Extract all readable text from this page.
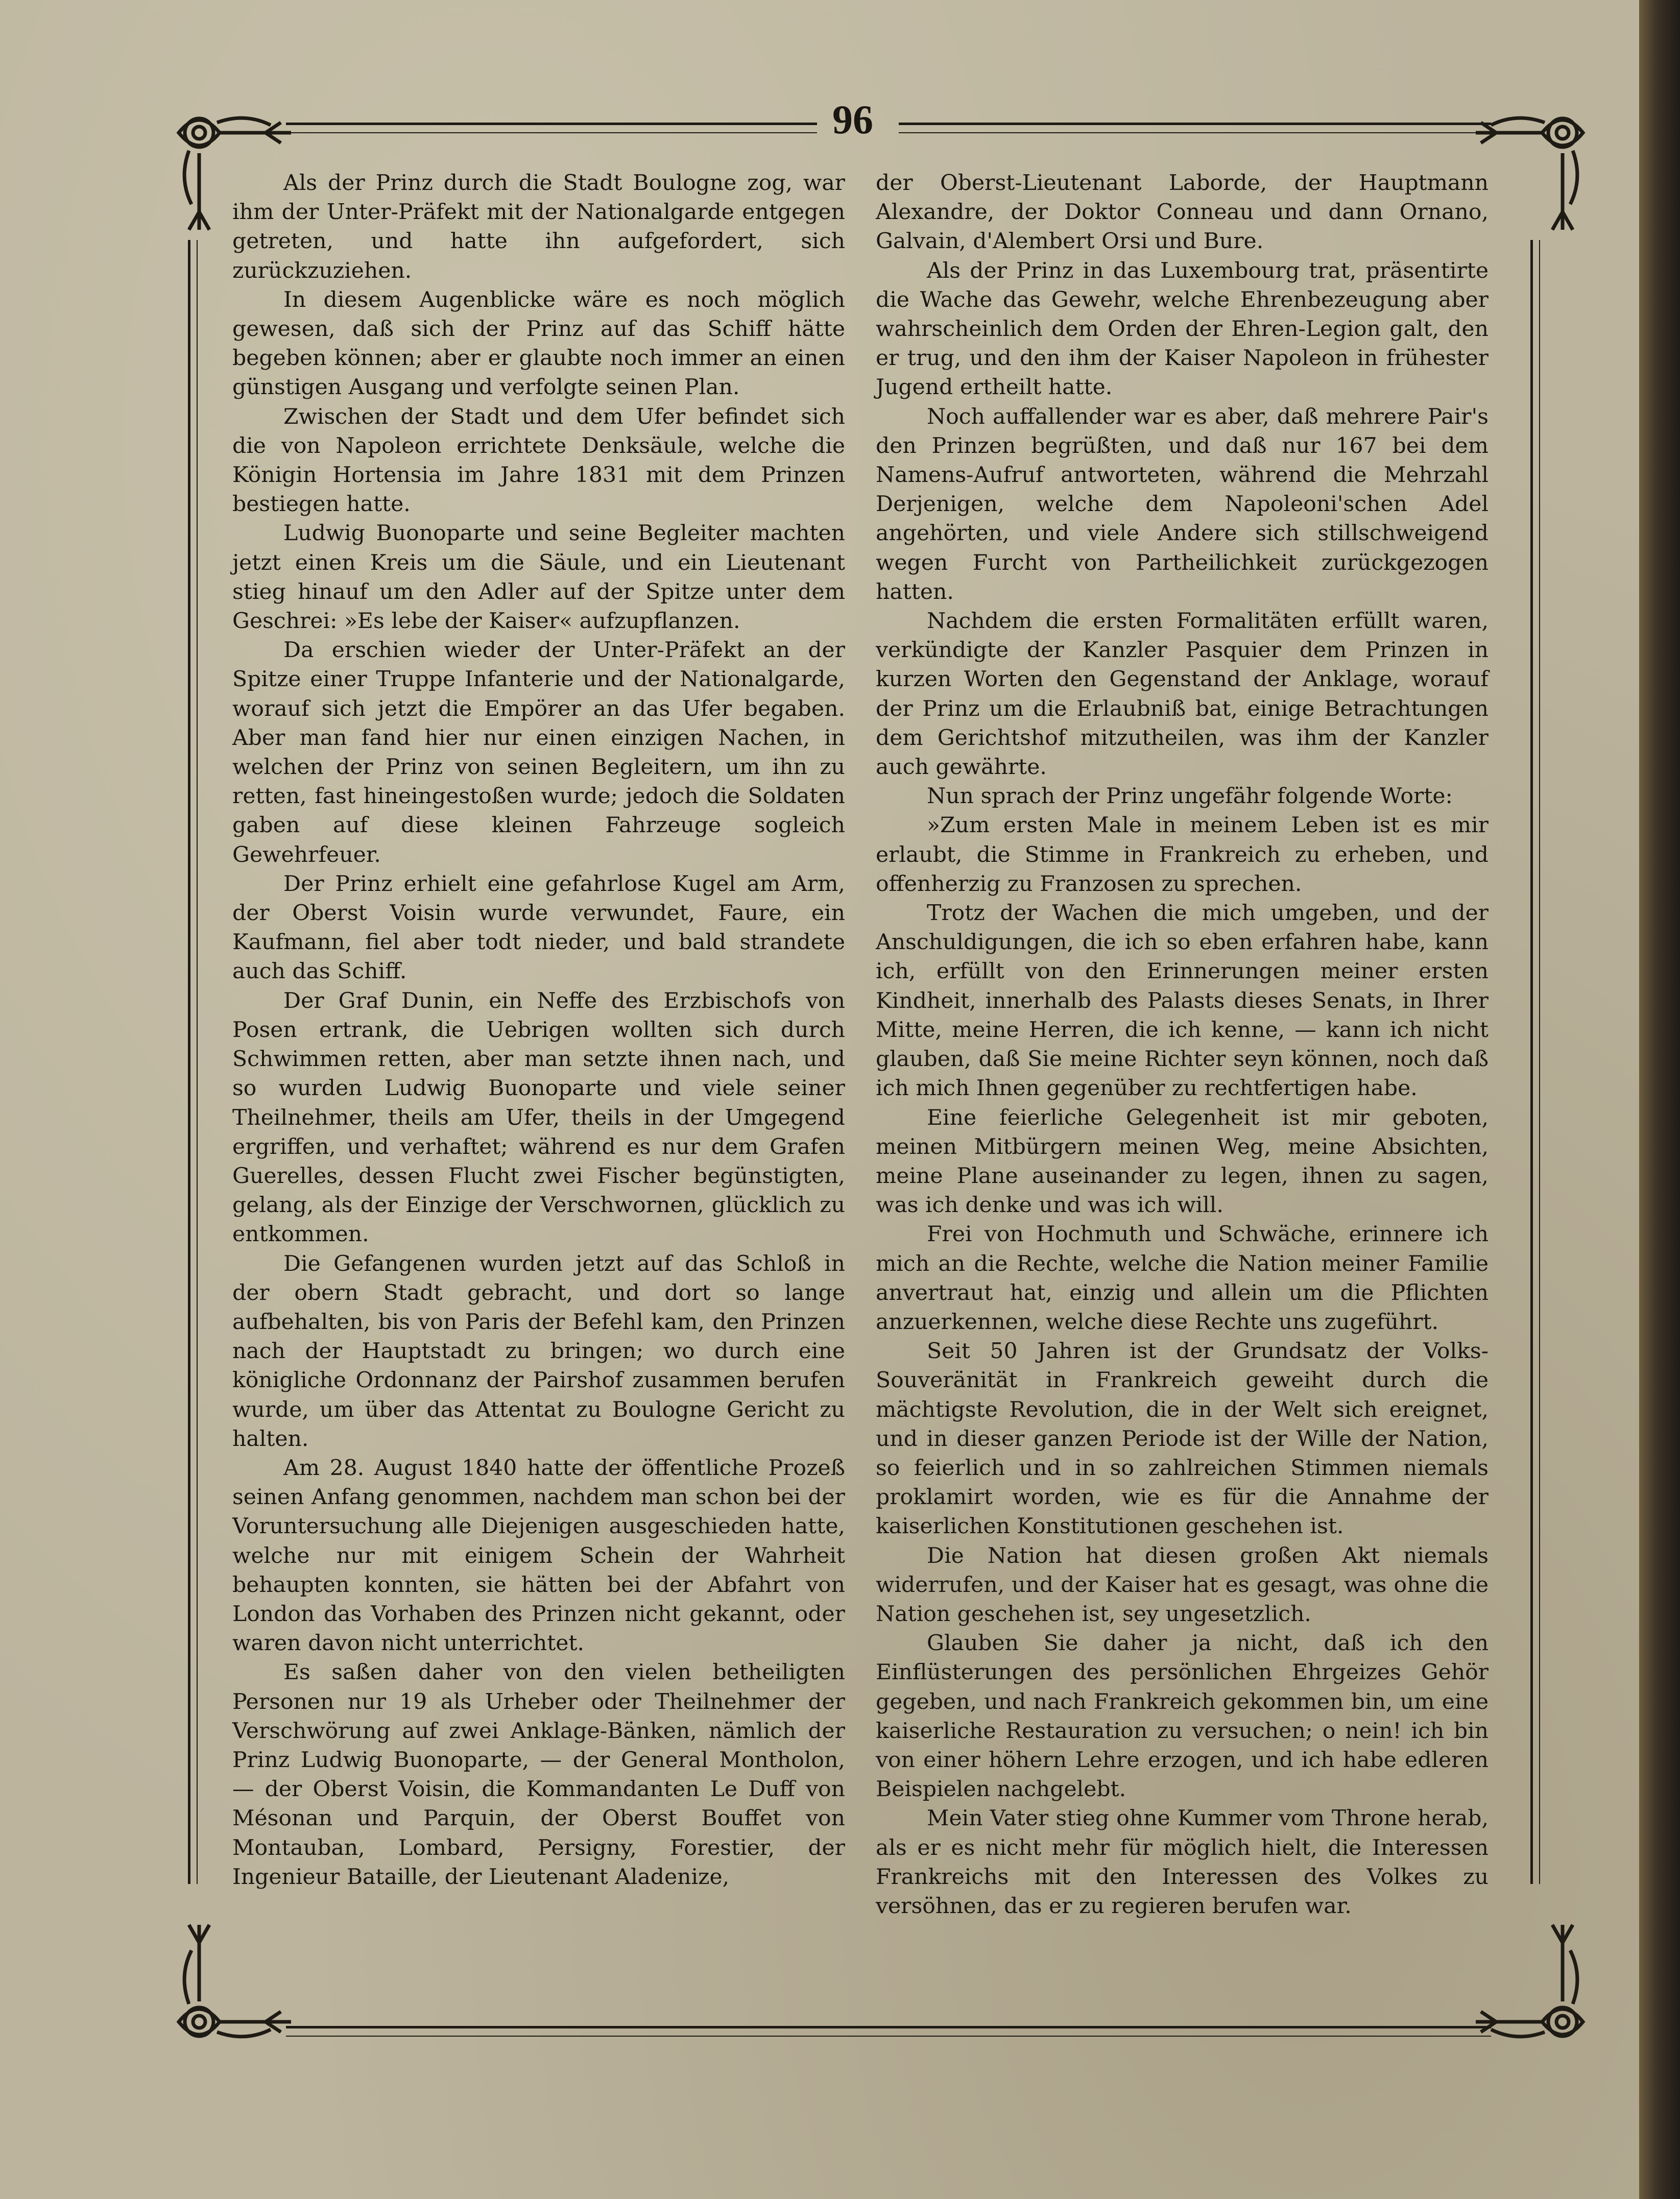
96

Als der Prinz durch die Stadt Boulogne zog, war ihm der Unter-Präfekt mit der Nationalgarde entgegen getreten, und hatte ihn aufgefordert, sich zurückzuziehen.

In diesem Augenblicke wäre es noch möglich gewesen, daß sich der Prinz auf das Schiff hätte begeben können; aber er glaubte noch immer an einen günstigen Ausgang und verfolgte seinen Plan.

Zwischen der Stadt und dem Ufer befindet sich die von Napoleon errichtete Denksäule, welche die Königin Hortensia im Jahre 1831 mit dem Prinzen bestiegen hatte.

Ludwig Buonoparte und seine Begleiter machten jetzt einen Kreis um die Säule, und ein Lieutenant stieg hinauf um den Adler auf der Spitze unter dem Geschrei: »Es lebe der Kaiser« aufzupflanzen.

Da erschien wieder der Unter-Präfekt an der Spitze einer Truppe Infanterie und der Nationalgarde, worauf sich jetzt die Empörer an das Ufer begaben. Aber man fand hier nur einen einzigen Nachen, in welchen der Prinz von seinen Begleitern, um ihn zu retten, fast hineingestoßen wurde; jedoch die Soldaten gaben auf diese kleinen Fahrzeuge sogleich Gewehrfeuer.

Der Prinz erhielt eine gefahrlose Kugel am Arm, der Oberst Voisin wurde verwundet, Faure, ein Kaufmann, fiel aber todt nieder, und bald strandete auch das Schiff.

Der Graf Dunin, ein Neffe des Erzbischofs von Posen ertrank, die Uebrigen wollten sich durch Schwimmen retten, aber man setzte ihnen nach, und so wurden Ludwig Buonoparte und viele seiner Theilnehmer, theils am Ufer, theils in der Umgegend ergriffen, und verhaftet; während es nur dem Grafen Guerelles, dessen Flucht zwei Fischer begünstigten, gelang, als der Einzige der Verschwornen, glücklich zu entkommen.

Die Gefangenen wurden jetzt auf das Schloß in der obern Stadt gebracht, und dort so lange aufbehalten, bis von Paris der Befehl kam, den Prinzen nach der Hauptstadt zu bringen; wo durch eine königliche Ordonnanz der Pairshof zusammen berufen wurde, um über das Attentat zu Boulogne Gericht zu halten.

Am 28. August 1840 hatte der öffentliche Prozeß seinen Anfang genommen, nachdem man schon bei der Voruntersuchung alle Diejenigen ausgeschieden hatte, welche nur mit einigem Schein der Wahrheit behaupten konnten, sie hätten bei der Abfahrt von London das Vorhaben des Prinzen nicht gekannt, oder waren davon nicht unterrichtet.

Es saßen daher von den vielen betheiligten Personen nur 19 als Urheber oder Theilnehmer der Verschwörung auf zwei Anklage-Bänken, nämlich der Prinz Ludwig Buonoparte, — der General Montholon, — der Oberst Voisin, die Kommandanten Le Duff von Mésonan und Parquin, der Oberst Bouffet von Montauban, Lombard, Persigny, Forestier, der Ingenieur Bataille, der Lieutenant Aladenize,

der Oberst-Lieutenant Laborde, der Hauptmann Alexandre, der Doktor Conneau und dann Ornano, Galvain, d'Alembert Orsi und Bure.

Als der Prinz in das Luxembourg trat, präsentirte die Wache das Gewehr, welche Ehrenbezeugung aber wahrscheinlich dem Orden der Ehren-Legion galt, den er trug, und den ihm der Kaiser Napoleon in frühester Jugend ertheilt hatte.

Noch auffallender war es aber, daß mehrere Pair's den Prinzen begrüßten, und daß nur 167 bei dem Namens-Aufruf antworteten, während die Mehrzahl Derjenigen, welche dem Napoleoni'schen Adel angehörten, und viele Andere sich stillschweigend wegen Furcht von Partheilichkeit zurückgezogen hatten.

Nachdem die ersten Formalitäten erfüllt waren, verkündigte der Kanzler Pasquier dem Prinzen in kurzen Worten den Gegenstand der Anklage, worauf der Prinz um die Erlaubniß bat, einige Betrachtungen dem Gerichtshof mitzutheilen, was ihm der Kanzler auch gewährte.

Nun sprach der Prinz ungefähr folgende Worte:

»Zum ersten Male in meinem Leben ist es mir erlaubt, die Stimme in Frankreich zu erheben, und offenherzig zu Franzosen zu sprechen.

Trotz der Wachen die mich umgeben, und der Anschuldigungen, die ich so eben erfahren habe, kann ich, erfüllt von den Erinnerungen meiner ersten Kindheit, innerhalb des Palasts dieses Senats, in Ihrer Mitte, meine Herren, die ich kenne, — kann ich nicht glauben, daß Sie meine Richter seyn können, noch daß ich mich Ihnen gegenüber zu rechtfertigen habe.

Eine feierliche Gelegenheit ist mir geboten, meinen Mitbürgern meinen Weg, meine Absichten, meine Plane auseinander zu legen, ihnen zu sagen, was ich denke und was ich will.

Frei von Hochmuth und Schwäche, erinnere ich mich an die Rechte, welche die Nation meiner Familie anvertraut hat, einzig und allein um die Pflichten anzuerkennen, welche diese Rechte uns zugeführt.

Seit 50 Jahren ist der Grundsatz der Volks-Souveränität in Frankreich geweiht durch die mächtigste Revolution, die in der Welt sich ereignet, und in dieser ganzen Periode ist der Wille der Nation, so feierlich und in so zahlreichen Stimmen niemals proklamirt worden, wie es für die Annahme der kaiserlichen Konstitutionen geschehen ist.

Die Nation hat diesen großen Akt niemals widerrufen, und der Kaiser hat es gesagt, was ohne die Nation geschehen ist, sey ungesetzlich.

Glauben Sie daher ja nicht, daß ich den Einflüsterungen des persönlichen Ehrgeizes Gehör gegeben, und nach Frankreich gekommen bin, um eine kaiserliche Restauration zu versuchen; o nein! ich bin von einer höhern Lehre erzogen, und ich habe edleren Beispielen nachgelebt.

Mein Vater stieg ohne Kummer vom Throne herab, als er es nicht mehr für möglich hielt, die Interessen Frankreichs mit den Interessen des Volkes zu versöhnen, das er zu regieren berufen war.
